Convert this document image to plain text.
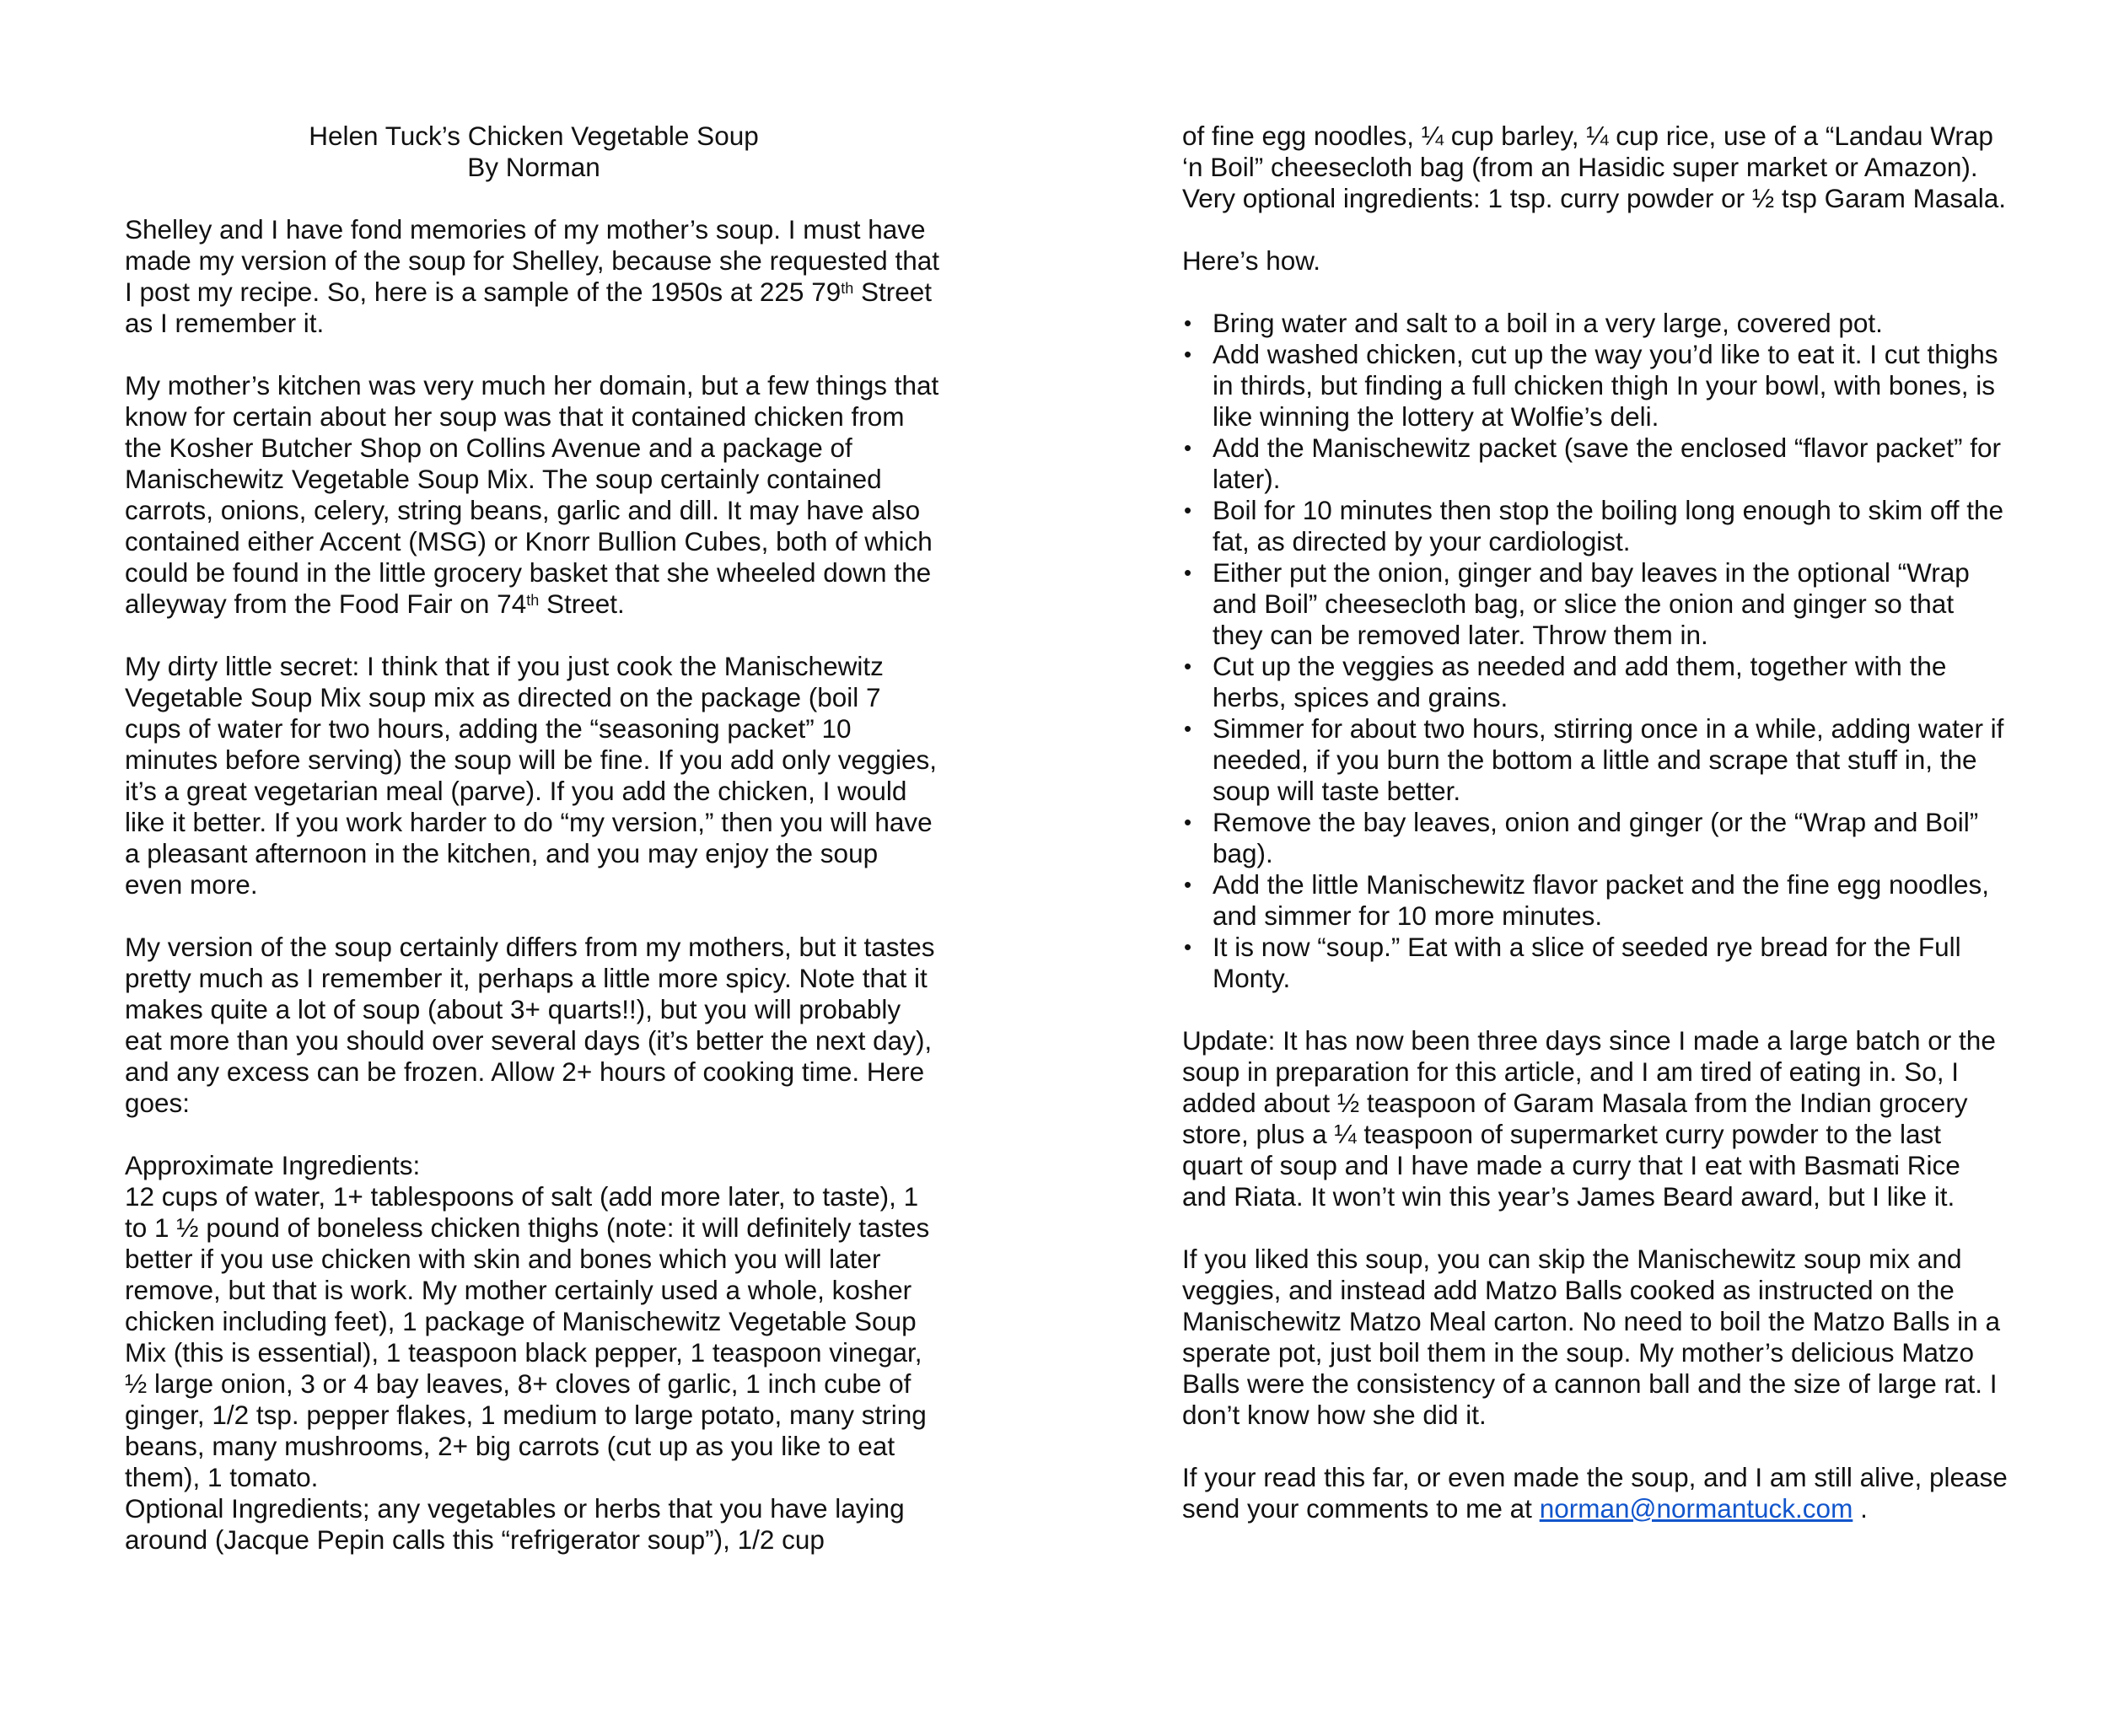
Helen Tuck’s Chicken Vegetable Soup
By Norman

Shelley and I have fond memories of my mother’s soup. I must have made my version of the soup for Shelley, because she requested that I post my recipe. So, here is a sample of the 1950s at 225 79th Street as I remember it.

My mother’s kitchen was very much her domain, but a few things that know for certain about her soup was that it contained chicken from the Kosher Butcher Shop on Collins Avenue and a package of Manischewitz Vegetable Soup Mix. The soup certainly contained carrots, onions, celery, string beans, garlic and dill. It may have also contained either Accent (MSG) or Knorr Bullion Cubes, both of which could be found in the little grocery basket that she wheeled down the alleyway from the Food Fair on 74th Street.

My dirty little secret: I think that if you just cook the Manischewitz Vegetable Soup Mix soup mix as directed on the package (boil 7 cups of water for two hours, adding the “seasoning packet” 10 minutes before serving) the soup will be fine. If you add only veggies, it’s a great vegetarian meal (parve). If you add the chicken, I would like it better. If you work harder to do “my version,” then you will have a pleasant afternoon in the kitchen, and you may enjoy the soup even more.

My version of the soup certainly differs from my mothers, but it tastes pretty much as I remember it, perhaps a little more spicy. Note that it makes quite a lot of soup (about 3+ quarts!!), but you will probably eat more than you should over several days (it’s better the next day), and any excess can be frozen. Allow 2+ hours of cooking time. Here goes:

Approximate Ingredients:

12 cups of water, 1+ tablespoons of salt (add more later, to taste), 1 to 1 ½ pound of boneless chicken thighs (note: it will definitely tastes better if you use chicken with skin and bones which you will later remove, but that is work. My mother certainly used a whole, kosher chicken including feet), 1 package of Manischewitz Vegetable Soup Mix (this is essential), 1 teaspoon black pepper, 1 teaspoon vinegar, ½ large onion, 3 or 4 bay leaves, 8+ cloves of garlic, 1 inch cube of ginger, 1/2 tsp. pepper flakes, 1 medium to large potato, many string beans, many mushrooms, 2+ big carrots (cut up as you like to eat them), 1 tomato.

Optional Ingredients; any vegetables or herbs that you have laying around (Jacque Pepin calls this “refrigerator soup”), 1/2 cup

of fine egg noodles, ¼ cup barley, ¼ cup rice, use of a “Landau Wrap ‘n Boil” cheesecloth bag (from an Hasidic super market or Amazon).

Very optional ingredients: 1 tsp. curry powder or ½ tsp Garam Masala.

Here’s how.

• Bring water and salt to a boil in a very large, covered pot.
• Add washed chicken, cut up the way you’d like to eat it. I cut thighs in thirds, but finding a full chicken thigh In your bowl, with bones, is like winning the lottery at Wolfie’s deli.
• Add the Manischewitz packet (save the enclosed “flavor packet” for later).
• Boil for 10 minutes then stop the boiling long enough to skim off the fat, as directed by your cardiologist.
• Either put the onion, ginger and bay leaves in the optional “Wrap and Boil” cheesecloth bag, or slice the onion and ginger so that they can be removed later. Throw them in.
• Cut up the veggies as needed and add them, together with the herbs, spices and grains.
• Simmer for about two hours, stirring once in a while, adding water if needed, if you burn the bottom a little and scrape that stuff in, the soup will taste better.
• Remove the bay leaves, onion and ginger (or the “Wrap and Boil” bag).
• Add the little Manischewitz flavor packet and the fine egg noodles, and simmer for 10 more minutes.
• It is now “soup.” Eat with a slice of seeded rye bread for the Full Monty.

Update: It has now been three days since I made a large batch or the soup in preparation for this article, and I am tired of eating in. So, I added about ½ teaspoon of Garam Masala from the Indian grocery store, plus a ¼ teaspoon of supermarket curry powder to the last quart of soup and I have made a curry that I eat with Basmati Rice and Riata. It won’t win this year’s James Beard award, but I like it.

If you liked this soup, you can skip the Manischewitz soup mix and veggies, and instead add Matzo Balls cooked as instructed on the Manischewitz Matzo Meal carton. No need to boil the Matzo Balls in a sperate pot, just boil them in the soup. My mother’s delicious Matzo Balls were the consistency of a cannon ball and the size of large rat. I don’t know how she did it.

If your read this far, or even made the soup, and I am still alive, please send your comments to me at norman@normantuck.com .
